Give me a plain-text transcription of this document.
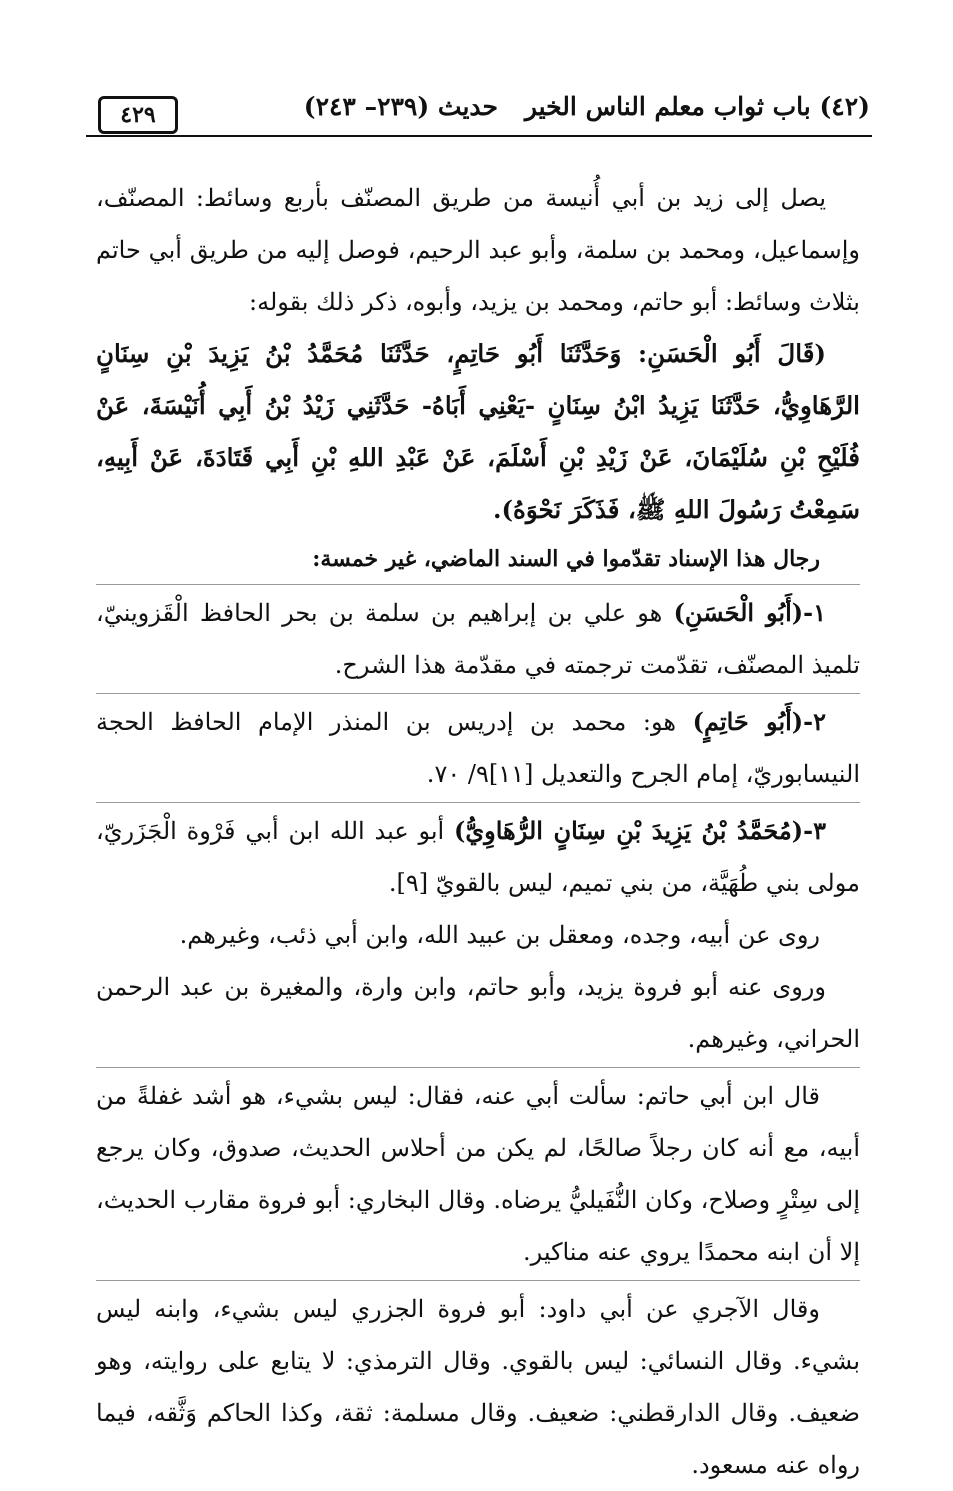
(٤٢) باب ثواب معلم الناس الخير
حديث (٢٣٩– ٢٤٣)
٤٢٩

يصل إلى زيد بن أبي أُنيسة من طريق المصنّف بأربع وسائط: المصنّف، وإسماعيل، ومحمد بن سلمة، وأبو عبد الرحيم، فوصل إليه من طريق أبي حاتم بثلاث وسائط: أبو حاتم، ومحمد بن يزيد، وأبوه، ذكر ذلك بقوله:

(قَالَ أَبُو الْحَسَنِ: وَحَدَّثَنَا أَبُو حَاتِمٍ، حَدَّثَنَا مُحَمَّدُ بْنُ يَزِيدَ بْنِ سِنَانٍ الرَّهَاوِيُّ، حَدَّثَنَا يَزِيدُ ابْنُ سِنَانٍ -يَعْنِي أَبَاهُ- حَدَّثَنِي زَيْدُ بْنُ أَبِي أُنَيْسَةَ، عَنْ فُلَيْحِ بْنِ سُلَيْمَانَ، عَنْ زَيْدِ بْنِ أَسْلَمَ، عَنْ عَبْدِ اللهِ بْنِ أَبِي قَتَادَةَ، عَنْ أَبِيهِ، سَمِعْتُ رَسُولَ اللهِ ﷺ، فَذَكَرَ نَحْوَهُ).

رجال هذا الإسناد تقدّموا في السند الماضي، غير خمسة:

١-(أَبُو الْحَسَنِ) هو علي بن إبراهيم بن سلمة بن بحر الحافظ الْقَزوينيّ، تلميذ المصنّف، تقدّمت ترجمته في مقدّمة هذا الشرح.

٢-(أَبُو حَاتِمٍ) هو: محمد بن إدريس بن المنذر الإمام الحافظ الحجة النيسابوريّ، إمام الجرح والتعديل [١١]٩/ ٧٠.

٣-(مُحَمَّدُ بْنُ يَزِيدَ بْنِ سِنَانٍ الرُّهَاوِيُّ) أبو عبد الله ابن أبي فَرْوة الْجَزَريّ، مولى بني طُهَيَّة، من بني تميم، ليس بالقويّ [٩].

روى عن أبيه، وجده، ومعقل بن عبيد الله، وابن أبي ذئب، وغيرهم.

وروى عنه أبو فروة يزيد، وأبو حاتم، وابن وارة، والمغيرة بن عبد الرحمن الحراني، وغيرهم.

قال ابن أبي حاتم: سألت أبي عنه، فقال: ليس بشيء، هو أشد غفلةً من أبيه، مع أنه كان رجلاً صالحًا، لم يكن من أحلاس الحديث، صدوق، وكان يرجع إلى سِتْرٍ وصلاح، وكان النُّفَيليُّ يرضاه. وقال البخاري: أبو فروة مقارب الحديث، إلا أن ابنه محمدًا يروي عنه مناكير.

وقال الآجري عن أبي داود: أبو فروة الجزري ليس بشيء، وابنه ليس بشيء. وقال النسائي: ليس بالقوي. وقال الترمذي: لا يتابع على روايته، وهو ضعيف. وقال الدارقطني: ضعيف. وقال مسلمة: ثقة، وكذا الحاكم وَثَّقه، فيما رواه عنه مسعود.
